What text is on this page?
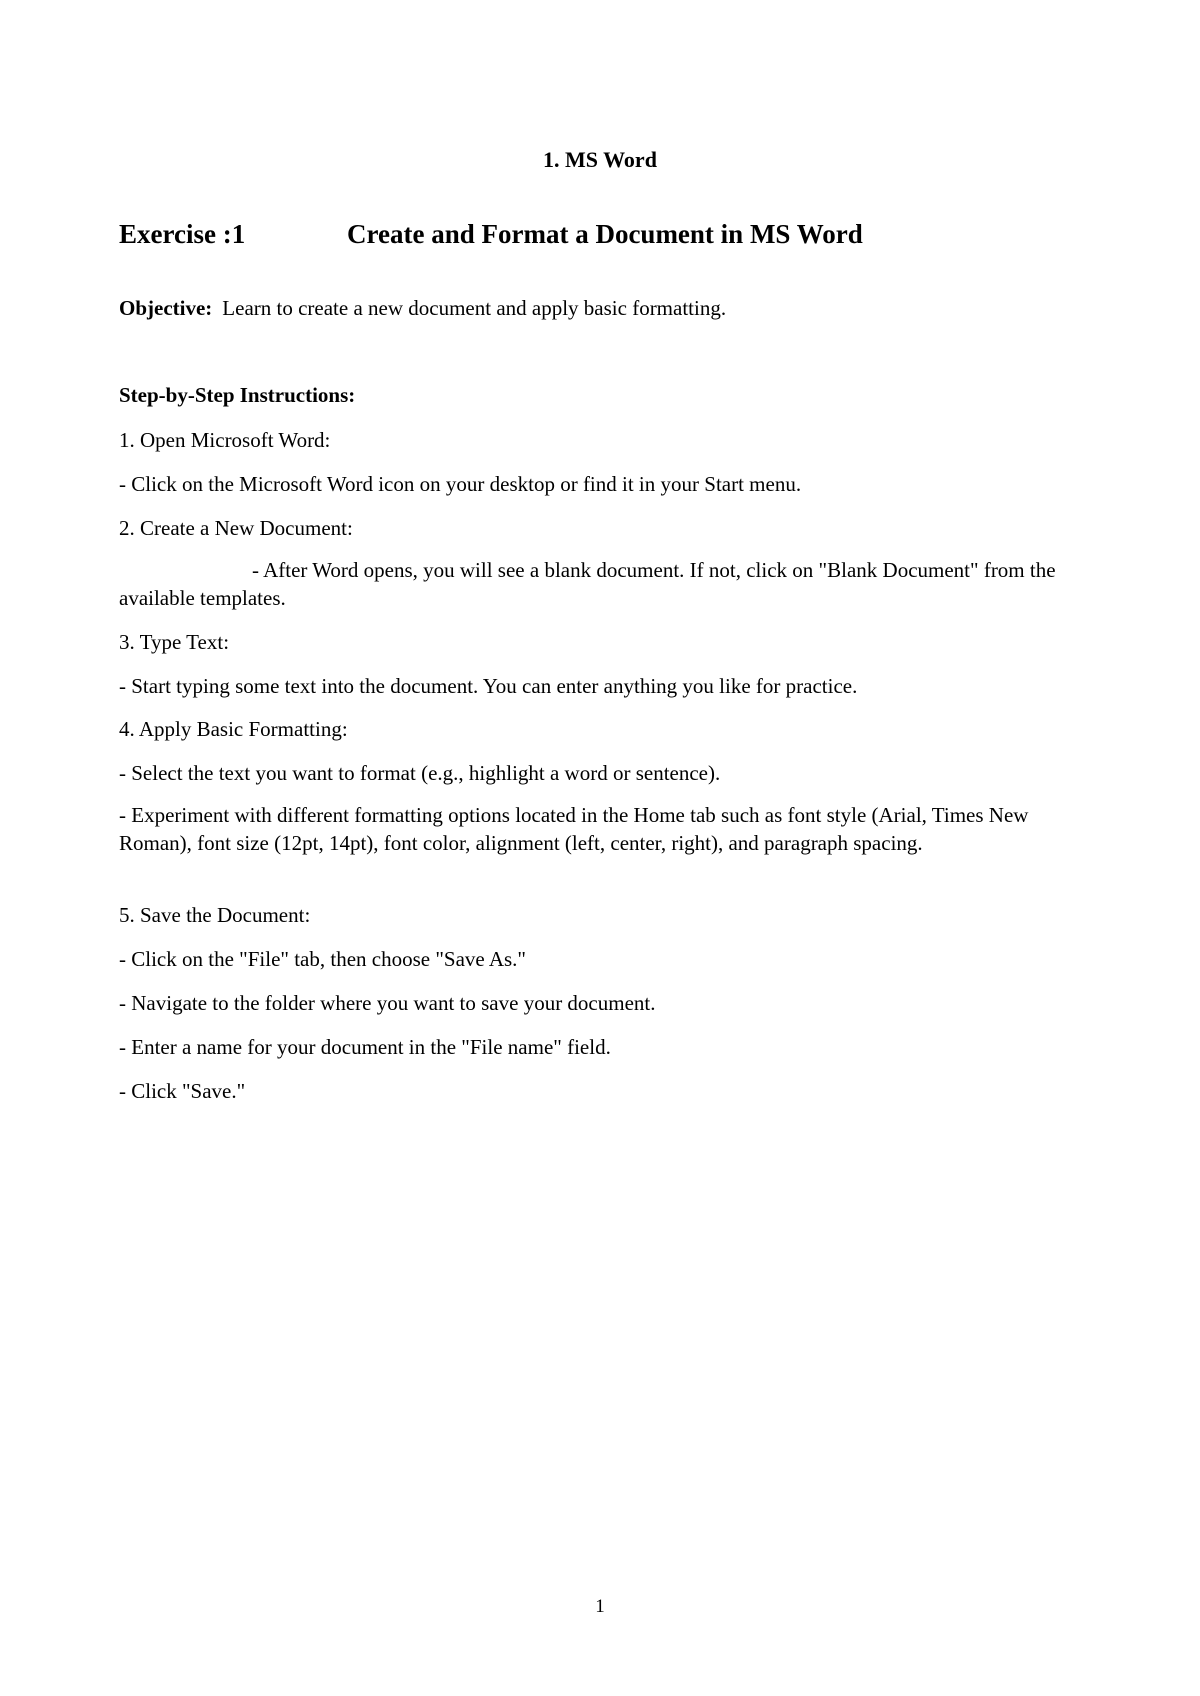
1. MS Word
Exercise :1	Create and Format a Document in MS Word
Objective: Learn to create a new document and apply basic formatting.
Step-by-Step Instructions:
1. Open Microsoft Word:
- Click on the Microsoft Word icon on your desktop or find it in your Start menu.
2. Create a New Document:
- After Word opens, you will see a blank document. If not, click on "Blank Document" from the available templates.
3. Type Text:
- Start typing some text into the document. You can enter anything you like for practice.
4. Apply Basic Formatting:
- Select the text you want to format (e.g., highlight a word or sentence).
- Experiment with different formatting options located in the Home tab such as font style (Arial, Times New Roman), font size (12pt, 14pt), font color, alignment (left, center, right), and paragraph spacing.
5. Save the Document:
- Click on the "File" tab, then choose "Save As."
- Navigate to the folder where you want to save your document.
- Enter a name for your document in the "File name" field.
- Click "Save."
1
